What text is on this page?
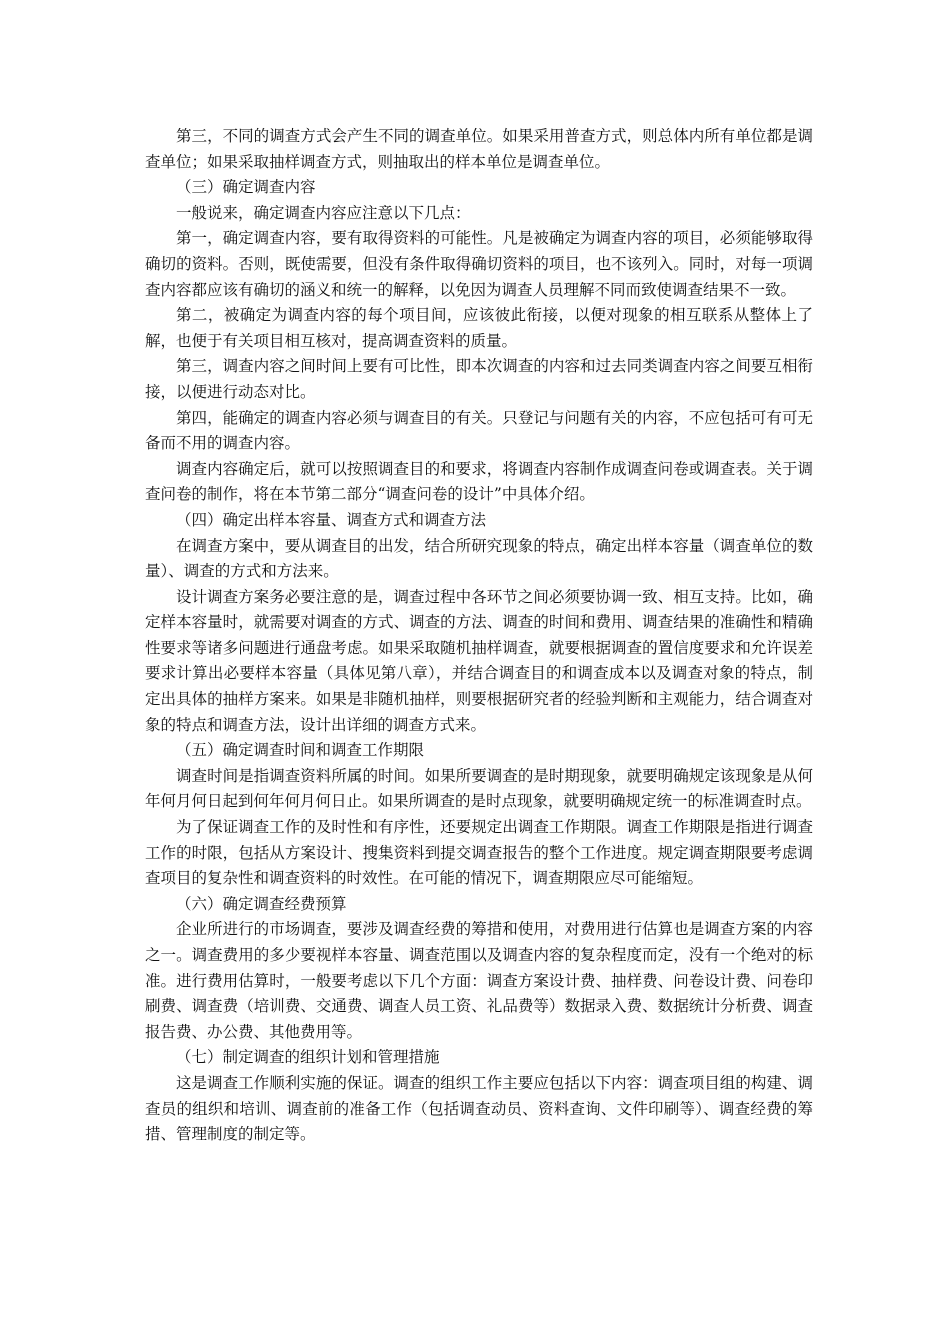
第三，不同的调查方式会产生不同的调查单位。如果采用普查方式，则总体内所有单位都是调查单位；如果采取抽样调查方式，则抽取出的样本单位是调查单位。

（三）确定调查内容

一般说来，确定调查内容应注意以下几点：

第一，确定调查内容，要有取得资料的可能性。凡是被确定为调查内容的项目，必须能够取得确切的资料。否则，既使需要，但没有条件取得确切资料的项目，也不该列入。同时，对每一项调查内容都应该有确切的涵义和统一的解释，以免因为调查人员理解不同而致使调查结果不一致。

第二，被确定为调查内容的每个项目间，应该彼此衔接，以便对现象的相互联系从整体上了解，也便于有关项目相互核对，提高调查资料的质量。

第三，调查内容之间时间上要有可比性，即本次调查的内容和过去同类调查内容之间要互相衔接，以便进行动态对比。

第四，能确定的调查内容必须与调查目的有关。只登记与问题有关的内容，不应包括可有可无备而不用的调查内容。

调查内容确定后，就可以按照调查目的和要求，将调查内容制作成调查问卷或调查表。关于调查问卷的制作，将在本节第二部分“调查问卷的设计”中具体介绍。

（四）确定出样本容量、调查方式和调查方法

在调查方案中，要从调查目的出发，结合所研究现象的特点，确定出样本容量（调查单位的数量）、调查的方式和方法来。

设计调查方案务必要注意的是，调查过程中各环节之间必须要协调一致、相互支持。比如，确定样本容量时，就需要对调查的方式、调查的方法、调查的时间和费用、调查结果的准确性和精确性要求等诸多问题进行通盘考虑。如果采取随机抽样调查，就要根据调查的置信度要求和允许误差要求计算出必要样本容量（具体见第八章），并结合调查目的和调查成本以及调查对象的特点，制定出具体的抽样方案来。如果是非随机抽样，则要根据研究者的经验判断和主观能力，结合调查对象的特点和调查方法，设计出详细的调查方式来。

（五）确定调查时间和调查工作期限

调查时间是指调查资料所属的时间。如果所要调查的是时期现象，就要明确规定该现象是从何年何月何日起到何年何月何日止。如果所调查的是时点现象，就要明确规定统一的标准调查时点。

为了保证调查工作的及时性和有序性，还要规定出调查工作期限。调查工作期限是指进行调查工作的时限，包括从方案设计、搜集资料到提交调查报告的整个工作进度。规定调查期限要考虑调查项目的复杂性和调查资料的时效性。在可能的情况下，调查期限应尽可能缩短。

（六）确定调查经费预算

企业所进行的市场调查，要涉及调查经费的筹措和使用，对费用进行估算也是调查方案的内容之一。调查费用的多少要视样本容量、调查范围以及调查内容的复杂程度而定，没有一个绝对的标准。进行费用估算时，一般要考虑以下几个方面：调查方案设计费、抽样费、问卷设计费、问卷印刷费、调查费（培训费、交通费、调查人员工资、礼品费等）数据录入费、数据统计分析费、调查报告费、办公费、其他费用等。

（七）制定调查的组织计划和管理措施

这是调查工作顺利实施的保证。调查的组织工作主要应包括以下内容：调查项目组的构建、调查员的组织和培训、调查前的准备工作（包括调查动员、资料查询、文件印刷等）、调查经费的筹措、管理制度的制定等。
